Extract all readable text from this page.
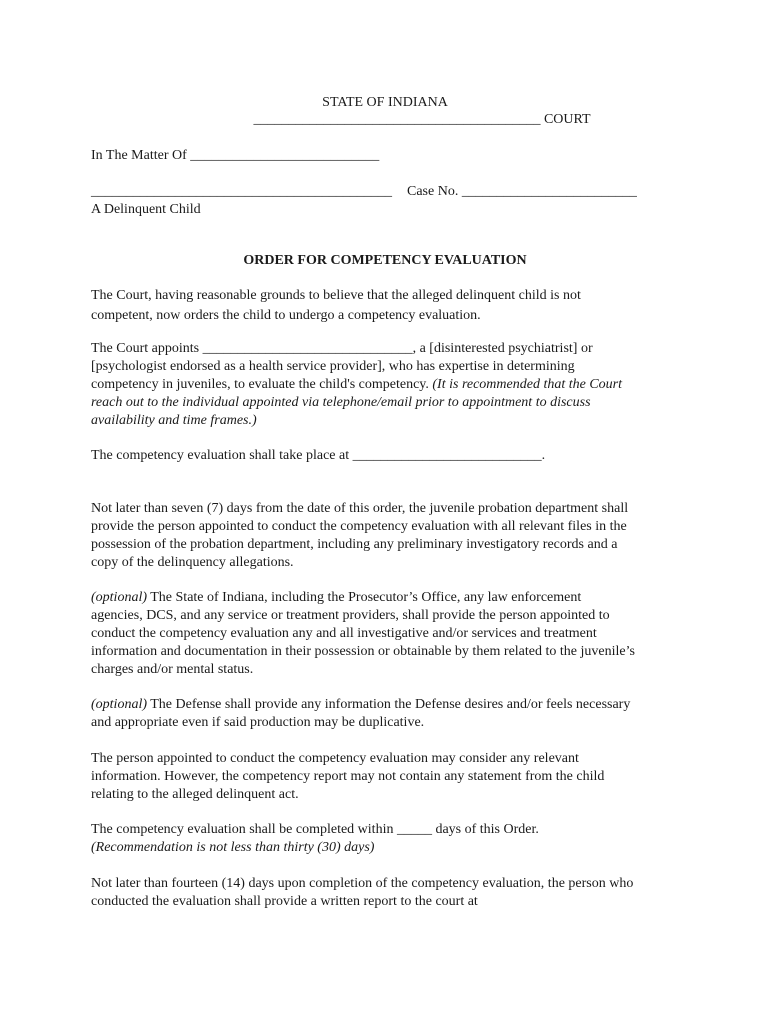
STATE OF INDIANA
_________________________________________ COURT
In The Matter Of ___________________________
___________________________________________ Case No. _________________________
A Delinquent Child
ORDER FOR COMPETENCY EVALUATION
The Court, having reasonable grounds to believe that the alleged delinquent child is not
competent, now orders the child to undergo a competency evaluation.
The Court appoints ______________________________, a [disinterested psychiatrist] or
[psychologist endorsed as a health service provider], who has expertise in determining
competency in juveniles, to evaluate the child's competency. (It is recommended that the Court
reach out to the individual appointed via telephone/email prior to appointment to discuss
availability and time frames.)
The competency evaluation shall take place at ___________________________.
Not later than seven (7) days from the date of this order, the juvenile probation department shall
provide the person appointed to conduct the competency evaluation with all relevant files in the
possession of the probation department, including any preliminary investigatory records and a
copy of the delinquency allegations.
(optional) The State of Indiana, including the Prosecutor’s Office, any law enforcement
agencies, DCS, and any service or treatment providers, shall provide the person appointed to
conduct the competency evaluation any and all investigative and/or services and treatment
information and documentation in their possession or obtainable by them related to the juvenile’s
charges and/or mental status.
(optional) The Defense shall provide any information the Defense desires and/or feels necessary
and appropriate even if said production may be duplicative.
The person appointed to conduct the competency evaluation may consider any relevant
information. However, the competency report may not contain any statement from the child
relating to the alleged delinquent act.
The competency evaluation shall be completed within _____ days of this Order.
(Recommendation is not less than thirty (30) days)
Not later than fourteen (14) days upon completion of the competency evaluation, the person who
conducted the evaluation shall provide a written report to the court at
